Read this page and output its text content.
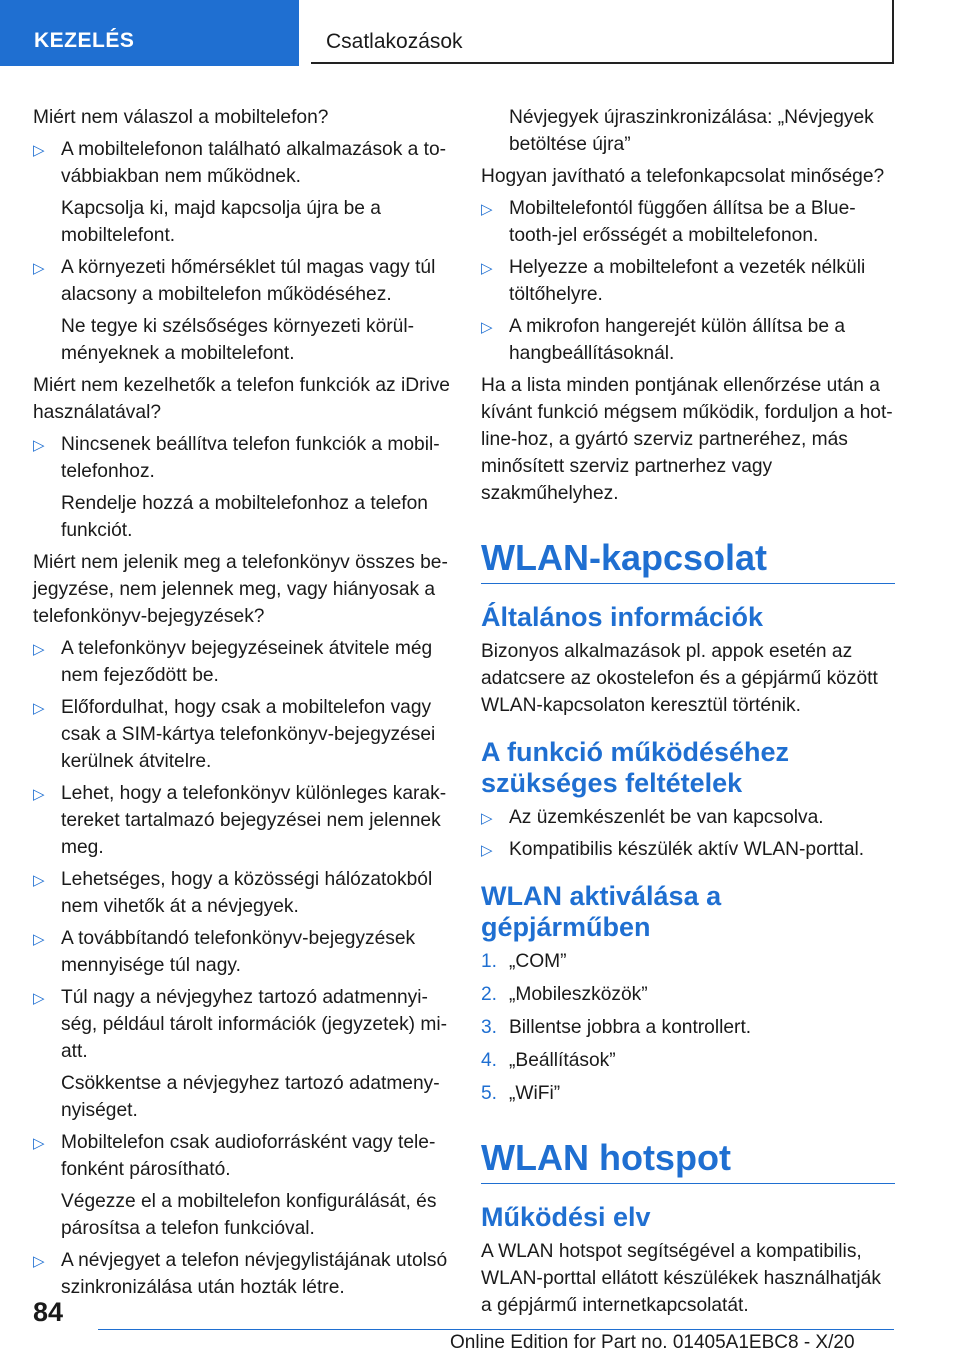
KEZELÉS	Csatlakozások

Miért nem válaszol a mobiltelefon?

▷ A mobiltelefonon található alkalmazások a továbbiakban nem működnek.
Kapcsolja ki, majd kapcsolja újra be a mobiltelefont.
▷ A környezeti hőmérséklet túl magas vagy túl alacsony a mobiltelefon működéséhez.
Ne tegye ki szélsőséges környezeti körülményeknek a mobiltelefont.

Miért nem kezelhetők a telefon funkciók az iDrive használatával?

▷ Nincsenek beállítva telefon funkciók a mobiltelefonhoz.
Rendelje hozzá a mobiltelefonhoz a telefon funkciót.

Miért nem jelenik meg a telefonkönyv összes bejegyzése, nem jelennek meg, vagy hiányosak a telefonkönyv-bejegyzések?

▷ A telefonkönyv bejegyzéseinek átvitele még nem fejeződött be.
▷ Előfordulhat, hogy csak a mobiltelefon vagy csak a SIM-kártya telefonkönyv-bejegyzései kerülnek átvitelre.
▷ Lehet, hogy a telefonkönyv különleges karaktereket tartalmazó bejegyzései nem jelennek meg.
▷ Lehetséges, hogy a közösségi hálózatokból nem vihetők át a névjegyek.
▷ A továbbítandó telefonkönyv-bejegyzések mennyisége túl nagy.
▷ Túl nagy a névjegyhez tartozó adatmennyiség, például tárolt információk (jegyzetek) miatt.
Csökkentse a névjegyhez tartozó adatmenynyiséget.
▷ Mobiltelefon csak audioforrásként vagy telefonként párosítható.
Végezze el a mobiltelefon konfigurálását, és párosítsa a telefon funkcióval.
▷ A névjegyet a telefon névjegylistájának utolsó szinkronizálása után hozták létre.
Névjegyek újraszinkronizálása: „Névjegyek betöltése újra”

Hogyan javítható a telefonkapcsolat minősége?

▷ Mobiltelefontól függően állítsa be a Bluetooth-jel erősségét a mobiltelefonon.
▷ Helyezze a mobiltelefont a vezeték nélküli töltőhelyre.
▷ A mikrofon hangerejét külön állítsa be a hangbeállításoknál.

Ha a lista minden pontjának ellenőrzése után a kívánt funkció mégsem működik, forduljon a hotline-hoz, a gyártó szerviz partneréhez, más minősített szerviz partnerhez vagy szakműhelyhez.

WLAN-kapcsolat
Általános információk

Bizonyos alkalmazások pl. appok esetén az adatcsere az okostelefon és a gépjármű között WLAN-kapcsolaton keresztül történik.

A funkció működéséhez szükséges feltételek
▷ Az üzemkészenlét be van kapcsolva.
▷ Kompatibilis készülék aktív WLAN-porttal.
WLAN aktiválása a gépjárműben
1. „COM”
2. „Mobileszközök”
3. Billentse jobbra a kontrollert.
4. „Beállítások”
5. „WiFi”
WLAN hotspot
Működési elv

A WLAN hotspot segítségével a kompatibilis, WLAN-porttal ellátott készülékek használhatják a gépjármű internetkapcsolatát.

84
Online Edition for Part no. 01405A1EBC8 - X/20
